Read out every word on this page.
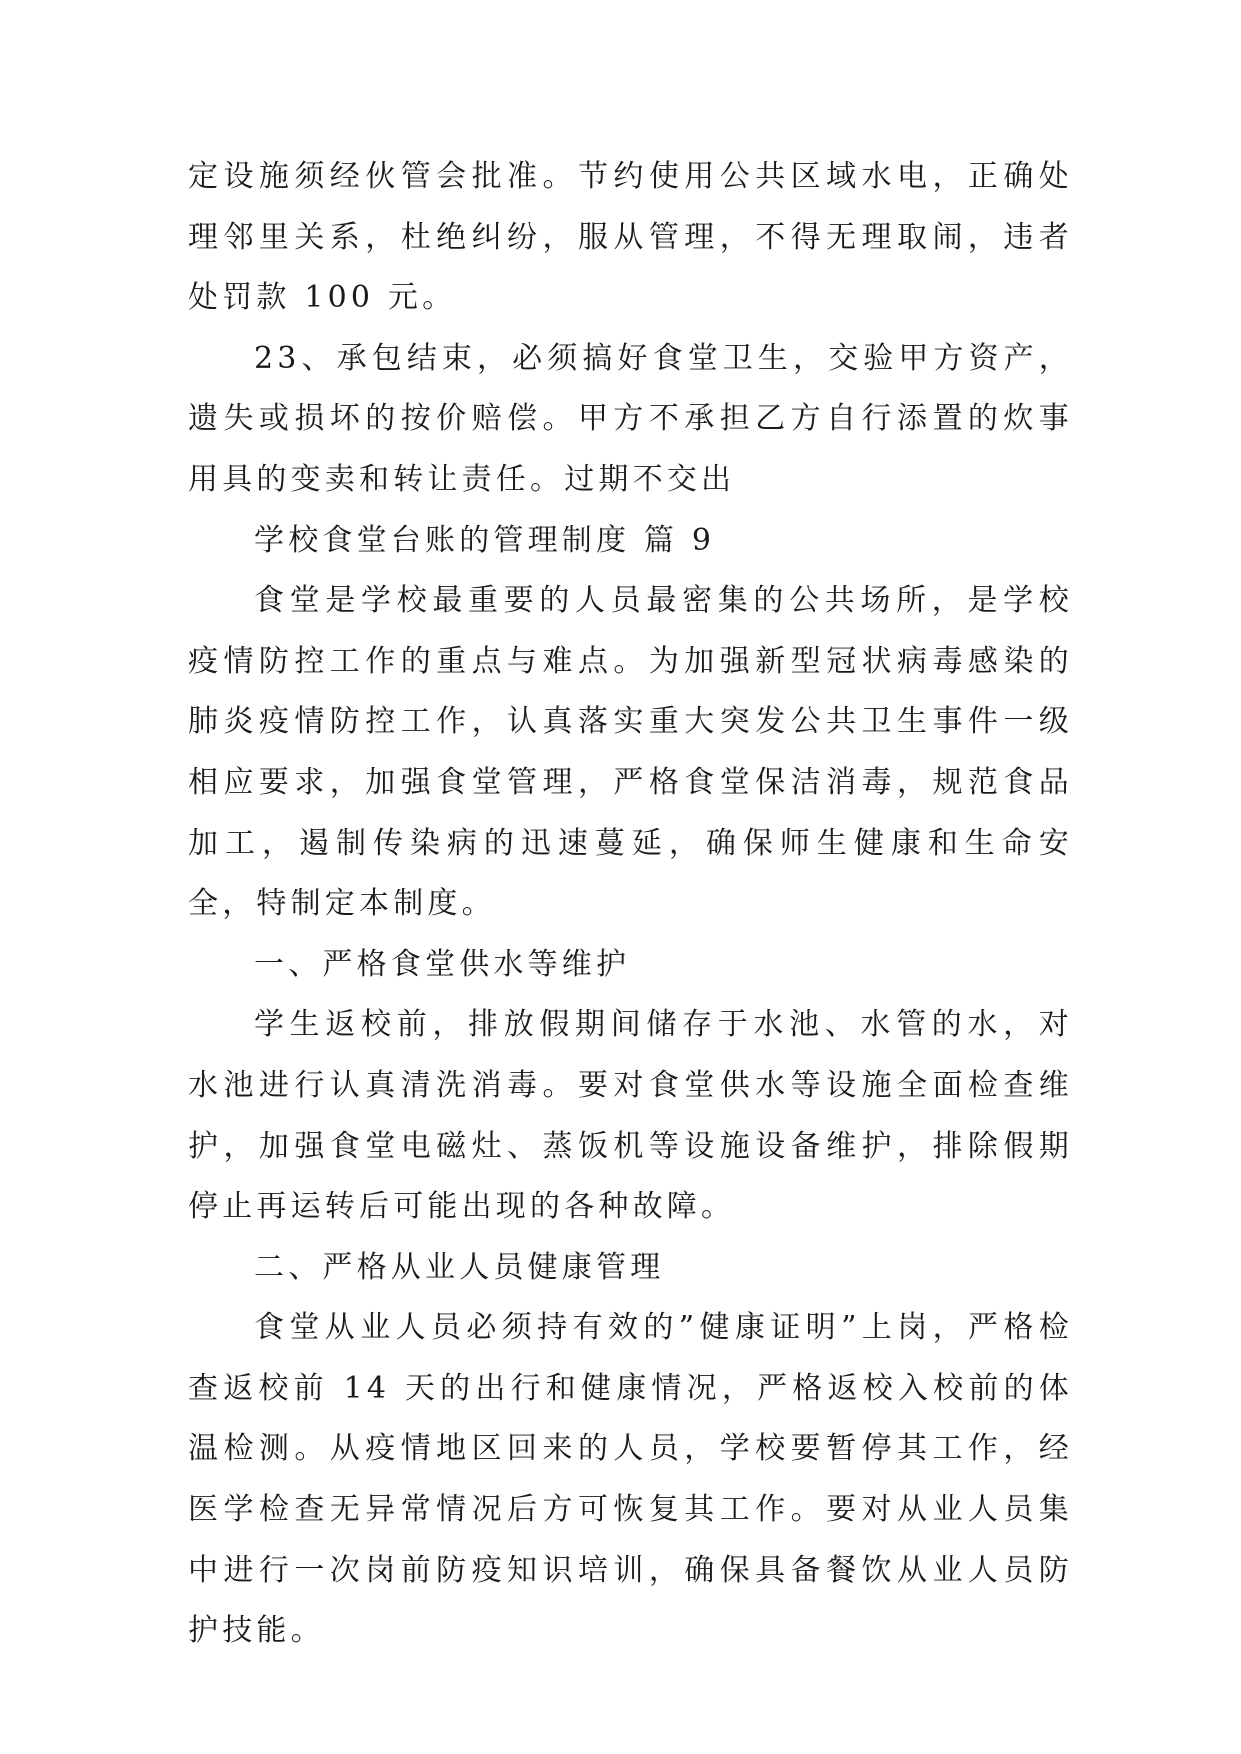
定设施须经伙管会批准。节约使用公共区域水电，正确处理邻里关系，杜绝纠纷，服从管理，不得无理取闹，违者处罚款 100 元。

23、承包结束，必须搞好食堂卫生，交验甲方资产，遗失或损坏的按价赔偿。甲方不承担乙方自行添置的炊事用具的变卖和转让责任。过期不交出

学校食堂台账的管理制度 篇 9

食堂是学校最重要的人员最密集的公共场所，是学校疫情防控工作的重点与难点。为加强新型冠状病毒感染的肺炎疫情防控工作，认真落实重大突发公共卫生事件一级相应要求，加强食堂管理，严格食堂保洁消毒，规范食品加工，遏制传染病的迅速蔓延，确保师生健康和生命安全，特制定本制度。

一、严格食堂供水等维护

学生返校前，排放假期间储存于水池、水管的水，对水池进行认真清洗消毒。要对食堂供水等设施全面检查维护，加强食堂电磁灶、蒸饭机等设施设备维护，排除假期停止再运转后可能出现的各种故障。

二、严格从业人员健康管理

食堂从业人员必须持有效的”健康证明”上岗，严格检查返校前 14 天的出行和健康情况，严格返校入校前的体温检测。从疫情地区回来的人员，学校要暂停其工作，经医学检查无异常情况后方可恢复其工作。要对从业人员集中进行一次岗前防疫知识培训，确保具备餐饮从业人员防护技能。
